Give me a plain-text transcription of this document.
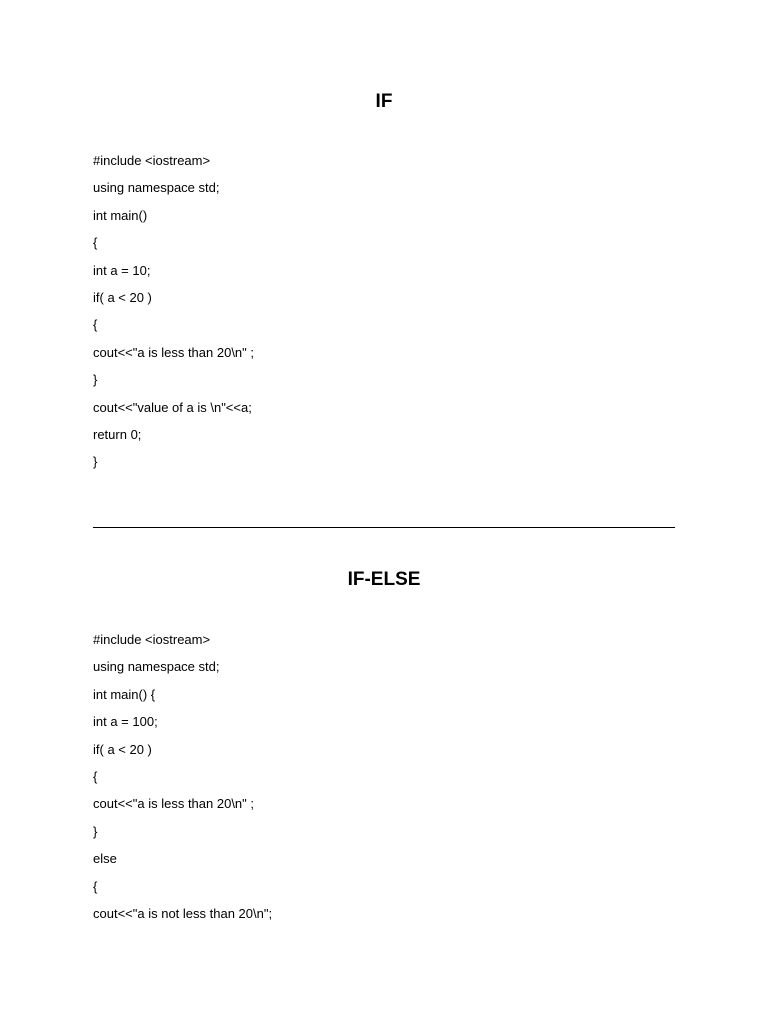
IF
#include <iostream>
using namespace std;
int main()
{
int a = 10;
if( a < 20 )
{
cout<<"a is less than 20\n" ;
}
cout<<"value of a is \n"<<a;
return 0;
}
IF-ELSE
#include <iostream>
using namespace std;
int main() {
int a = 100;
if( a < 20 )
{
cout<<"a is less than 20\n" ;
}
else
{
cout<<"a is not less than 20\n";
